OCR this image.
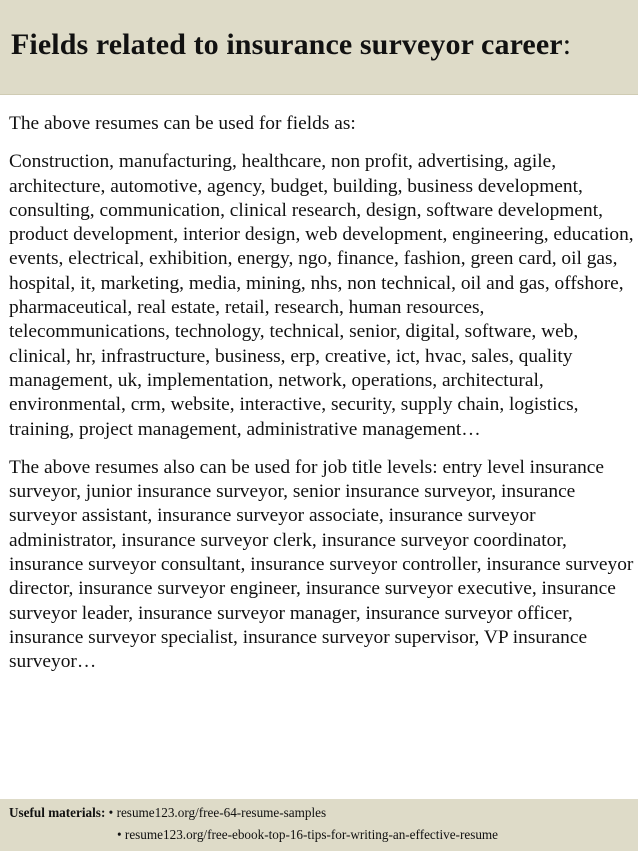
Fields related to insurance surveyor career:

The above resumes can be used for fields as:

Construction, manufacturing, healthcare, non profit, advertising, agile, architecture, automotive, agency, budget, building, business development, consulting, communication, clinical research, design, software development, product development, interior design, web development, engineering, education, events, electrical, exhibition, energy, ngo, finance, fashion, green card, oil gas, hospital, it, marketing, media, mining, nhs, non technical, oil and gas, offshore, pharmaceutical, real estate, retail, research, human resources, telecommunications, technology, technical, senior, digital, software, web, clinical, hr, infrastructure, business, erp, creative, ict, hvac, sales, quality management, uk, implementation, network, operations, architectural, environmental, crm, website, interactive, security, supply chain, logistics, training, project management, administrative management…

The above resumes also can be used for job title levels: entry level insurance surveyor, junior insurance surveyor, senior insurance surveyor, insurance surveyor assistant, insurance surveyor associate, insurance surveyor administrator, insurance surveyor clerk, insurance surveyor coordinator, insurance surveyor consultant, insurance surveyor controller, insurance surveyor director, insurance surveyor engineer, insurance surveyor executive, insurance surveyor leader, insurance surveyor manager, insurance surveyor officer, insurance surveyor specialist, insurance surveyor supervisor, VP insurance surveyor…

Useful materials: • resume123.org/free-64-resume-samples
• resume123.org/free-ebook-top-16-tips-for-writing-an-effective-resume
